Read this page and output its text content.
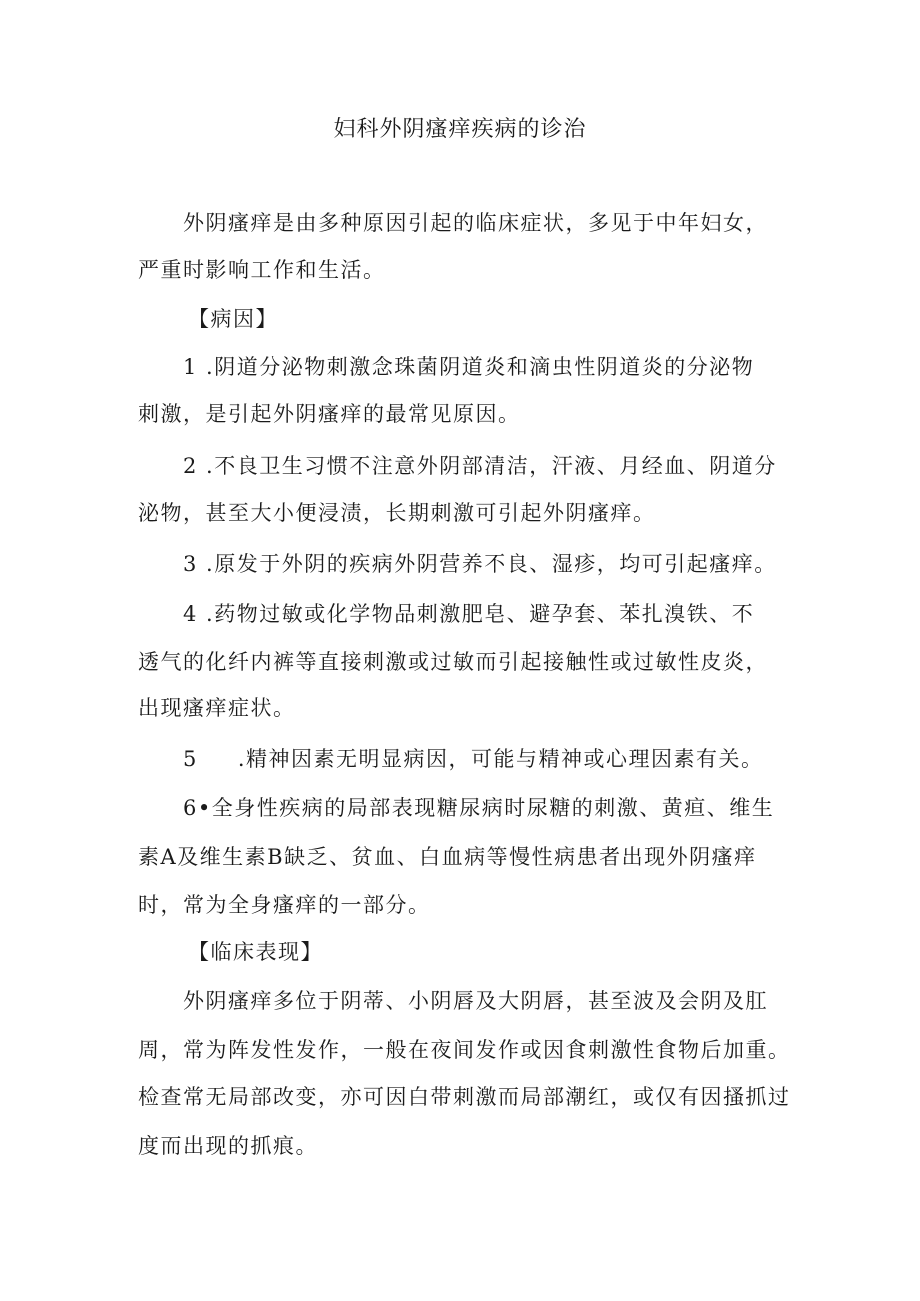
妇科外阴瘙痒疾病的诊治
外阴瘙痒是由多种原因引起的临床症状，多见于中年妇女，
严重时影响工作和生活。
【病因】
1 .阴道分泌物刺激念珠菌阴道炎和滴虫性阴道炎的分泌物
刺激，是引起外阴瘙痒的最常见原因。
2 .不良卫生习惯不注意外阴部清洁，汗液、月经血、阴道分
泌物，甚至大小便浸渍，长期刺激可引起外阴瘙痒。
3 .原发于外阴的疾病外阴营养不良、湿疹，均可引起瘙痒。
4 .药物过敏或化学物品刺激肥皂、避孕套、苯扎溴铁、不
透气的化纤内裤等直接刺激或过敏而引起接触性或过敏性皮炎，
出现瘙痒症状。
5 .精神因素无明显病因，可能与精神或心理因素有关。
6•全身性疾病的局部表现糖尿病时尿糖的刺激、黄疸、维生
素A及维生素B缺乏、贫血、白血病等慢性病患者出现外阴瘙痒
时，常为全身瘙痒的一部分。
【临床表现】
外阴瘙痒多位于阴蒂、小阴唇及大阴唇，甚至波及会阴及肛
周，常为阵发性发作，一般在夜间发作或因食刺激性食物后加重。
检查常无局部改变，亦可因白带刺激而局部潮红，或仅有因搔抓过
度而出现的抓痕。
